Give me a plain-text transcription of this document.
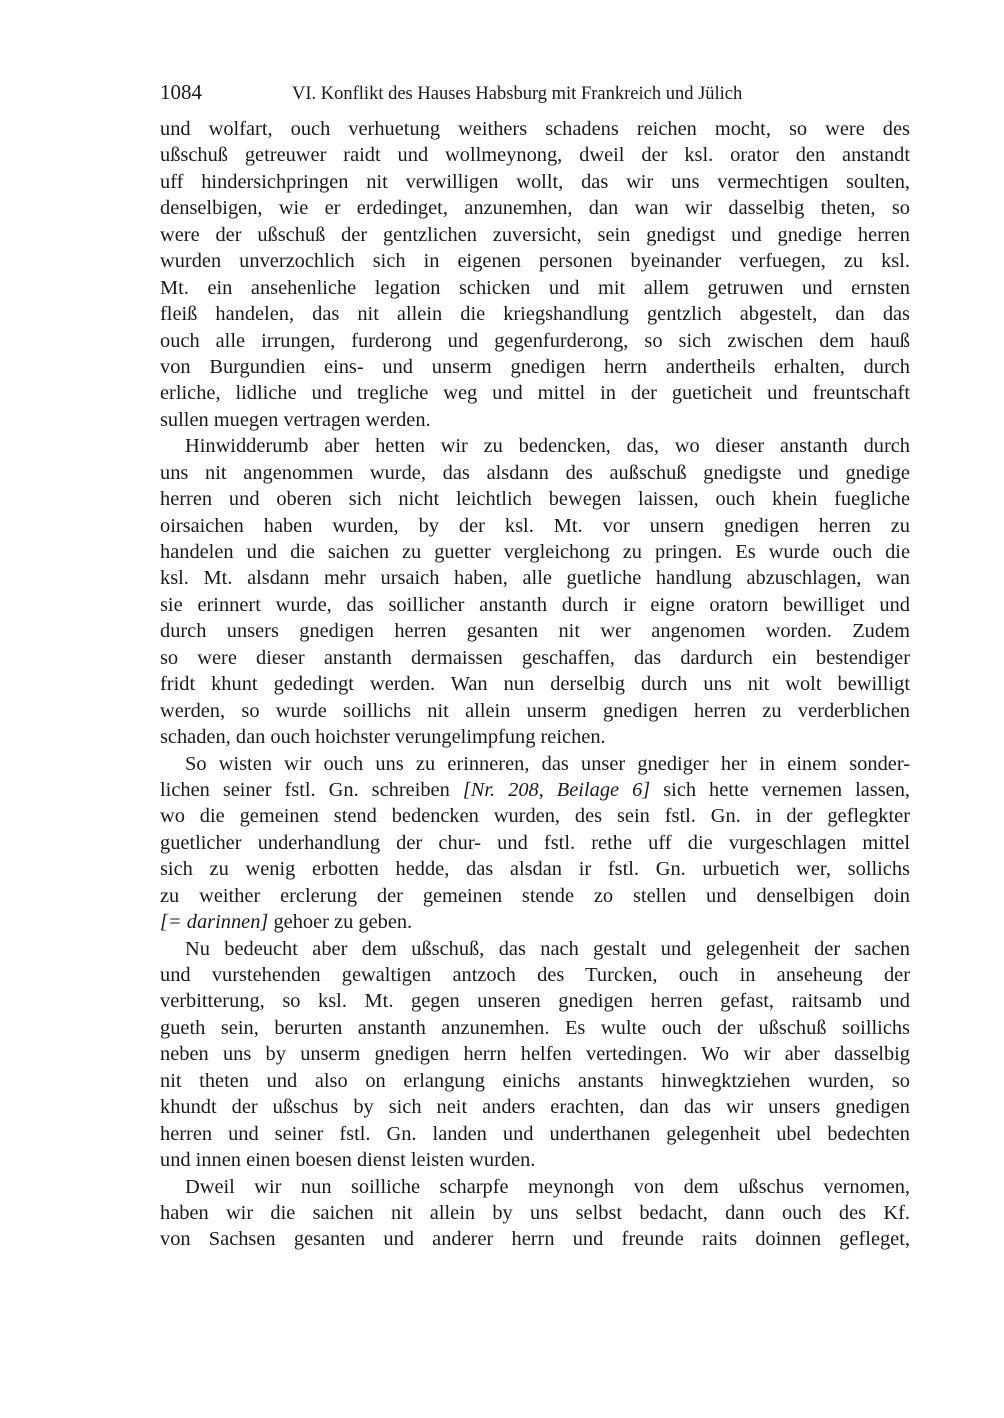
1084	VI. Konflikt des Hauses Habsburg mit Frankreich und Jülich
und wolfart, ouch verhuetung weithers schadens reichen mocht, so were des
ußschuß getreuwer raidt und wollmeynong, dweil der ksl. orator den anstandt
uff hindersichpringen nit verwilligen wollt, das wir uns vermechtigen soulten,
denselbigen, wie er erdedinget, anzunemhen, dan wan wir dasselbig theten, so
were der ußschuß der gentzlichen zuversicht, sein gnedigst und gnedige herren
wurden unverzochlich sich in eigenen personen byeinander verfuegen, zu ksl.
Mt. ein ansehenliche legation schicken und mit allem getruwen und ernsten
fleiß handelen, das nit allein die kriegshandlung gentzlich abgestelt, dan das
ouch alle irrungen, furderong und gegenfurderong, so sich zwischen dem hauß
von Burgundien eins- und unserm gnedigen herrn andertheils erhalten, durch
erliche, lidliche und tregliche weg und mittel in der gueticheit und freuntschaft
sullen muegen vertragen werden.
Hinwidderumb aber hetten wir zu bedencken, das, wo dieser anstanth durch
uns nit angenommen wurde, das alsdann des außschuß gnedigste und gnedige
herren und oberen sich nicht leichtlich bewegen laissen, ouch khein fuegliche
oirsaichen haben wurden, by der ksl. Mt. vor unsern gnedigen herren zu
handelen und die saichen zu guetter vergleichong zu pringen. Es wurde ouch die
ksl. Mt. alsdann mehr ursaich haben, alle guetliche handlung abzuschlagen, wan
sie erinnert wurde, das soillicher anstanth durch ir eigne oratorn bewilliget und
durch unsers gnedigen herren gesanten nit wer angenomen worden. Zudem
so were dieser anstanth dermaissen geschaffen, das dardurch ein bestendiger
fridt khunt gededingt werden. Wan nun derselbig durch uns nit wolt bewilligt
werden, so wurde soillichs nit allein unserm gnedigen herren zu verderblichen
schaden, dan ouch hoichster verungelimpfung reichen.
So wisten wir ouch uns zu erinneren, das unser gnediger her in einem sonder-
lichen seiner fstl. Gn. schreiben [Nr. 208, Beilage 6] sich hette vernemen lassen,
wo die gemeinen stend bedencken wurden, des sein fstl. Gn. in der geflegkter
guetlicher underhandlung der chur- und fstl. rethe uff die vurgeschlagen mittel
sich zu wenig erbotten hedde, das alsdan ir fstl. Gn. urbuetich wer, sollichs
zu weither erclerung der gemeinen stende zo stellen und denselbigen doin
[= darinnen] gehoer zu geben.
Nu bedeucht aber dem ußschuß, das nach gestalt und gelegenheit der sachen
und vurstehenden gewaltigen antzoch des Turcken, ouch in anseheung der
verbitterung, so ksl. Mt. gegen unseren gnedigen herren gefast, raitsamb und
gueth sein, berurten anstanth anzunemhen. Es wulte ouch der ußschuß soillichs
neben uns by unserm gnedigen herrn helfen vertedingen. Wo wir aber dasselbig
nit theten und also on erlangung einichs anstants hinwegktziehen wurden, so
khundt der ußschus by sich neit anders erachten, dan das wir unsers gnedigen
herren und seiner fstl. Gn. landen und underthanen gelegenheit ubel bedechten
und innen einen boesen dienst leisten wurden.
Dweil wir nun soilliche scharpfe meynongh von dem ußschus vernomen,
haben wir die saichen nit allein by uns selbst bedacht, dann ouch des Kf.
von Sachsen gesanten und anderer herrn und freunde raits doinnen gefleget,
